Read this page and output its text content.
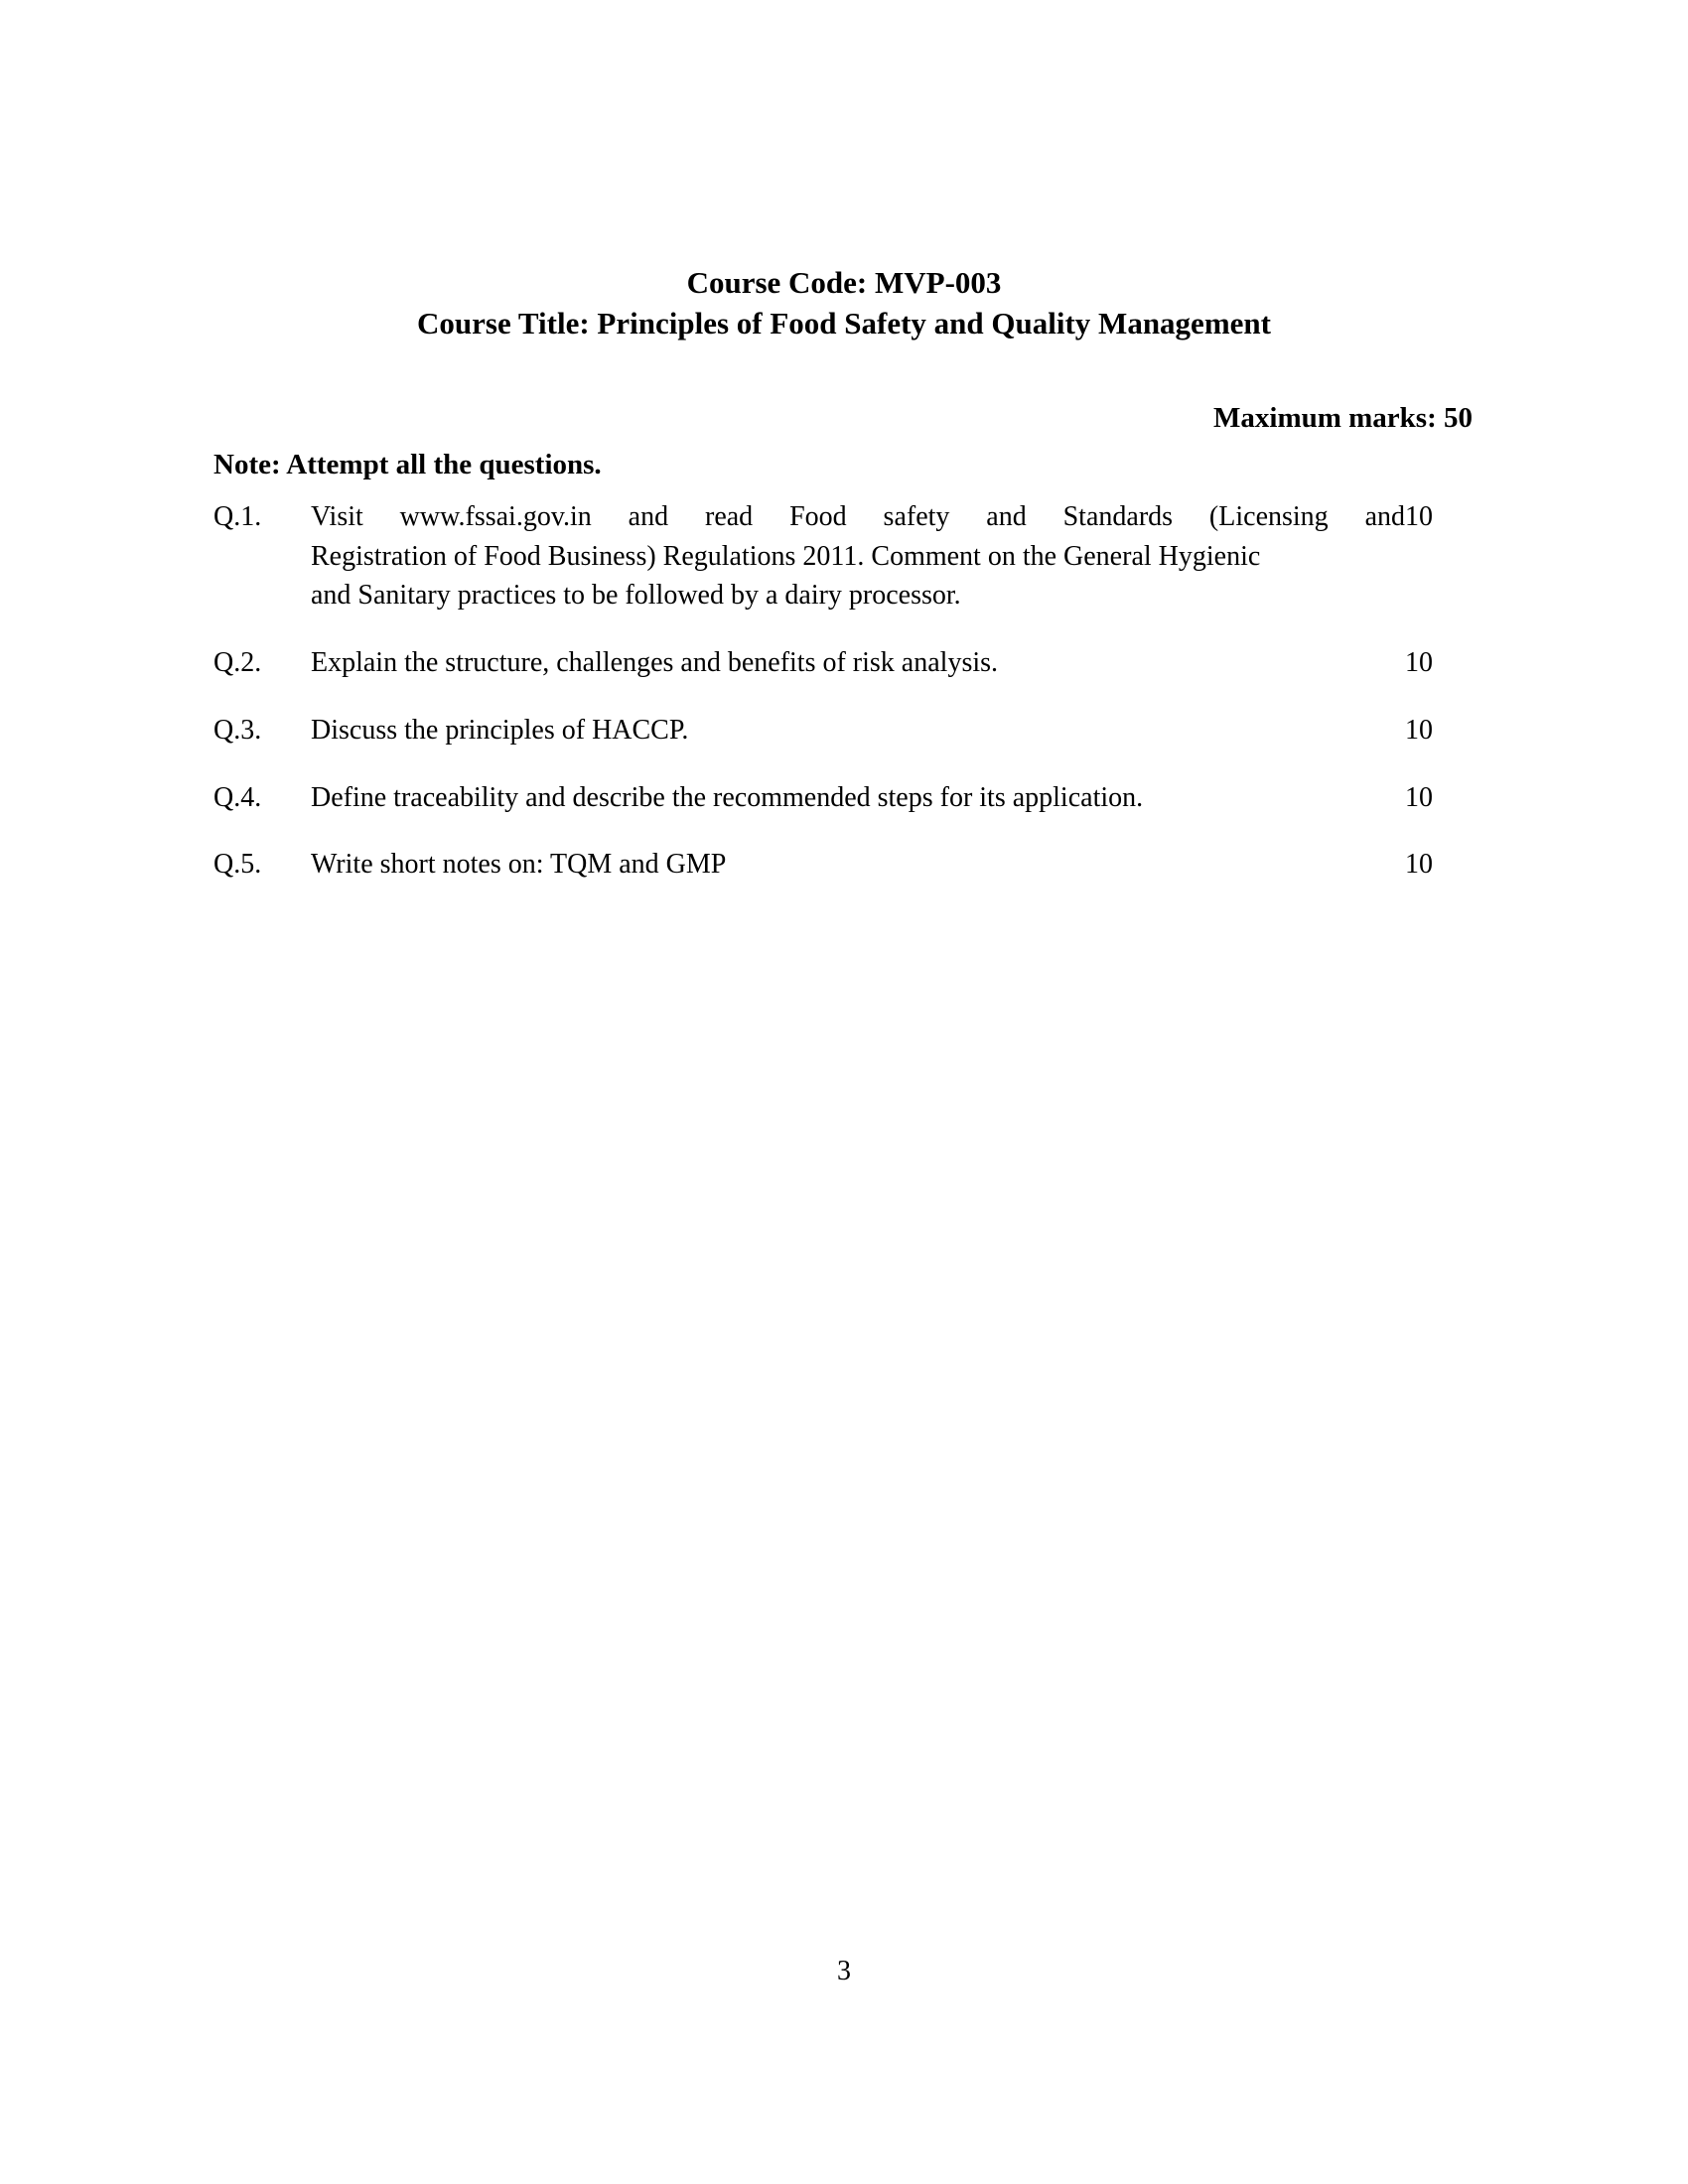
Course Code: MVP-003
Course Title: Principles of Food Safety and Quality Management
Maximum marks: 50
Note: Attempt all the questions.
Q.1.	Visit www.fssai.gov.in and read Food safety and Standards (Licensing and
Registration of Food Business) Regulations 2011. Comment on the General Hygienic
and Sanitary practices to be followed by a dairy processor.	10
Q.2.	Explain the structure, challenges and benefits of risk analysis.	10
Q.3.	Discuss the principles of HACCP.	10
Q.4.	Define traceability and describe the recommended steps for its application.	10
Q.5.	Write short notes on: TQM and GMP	10
3
